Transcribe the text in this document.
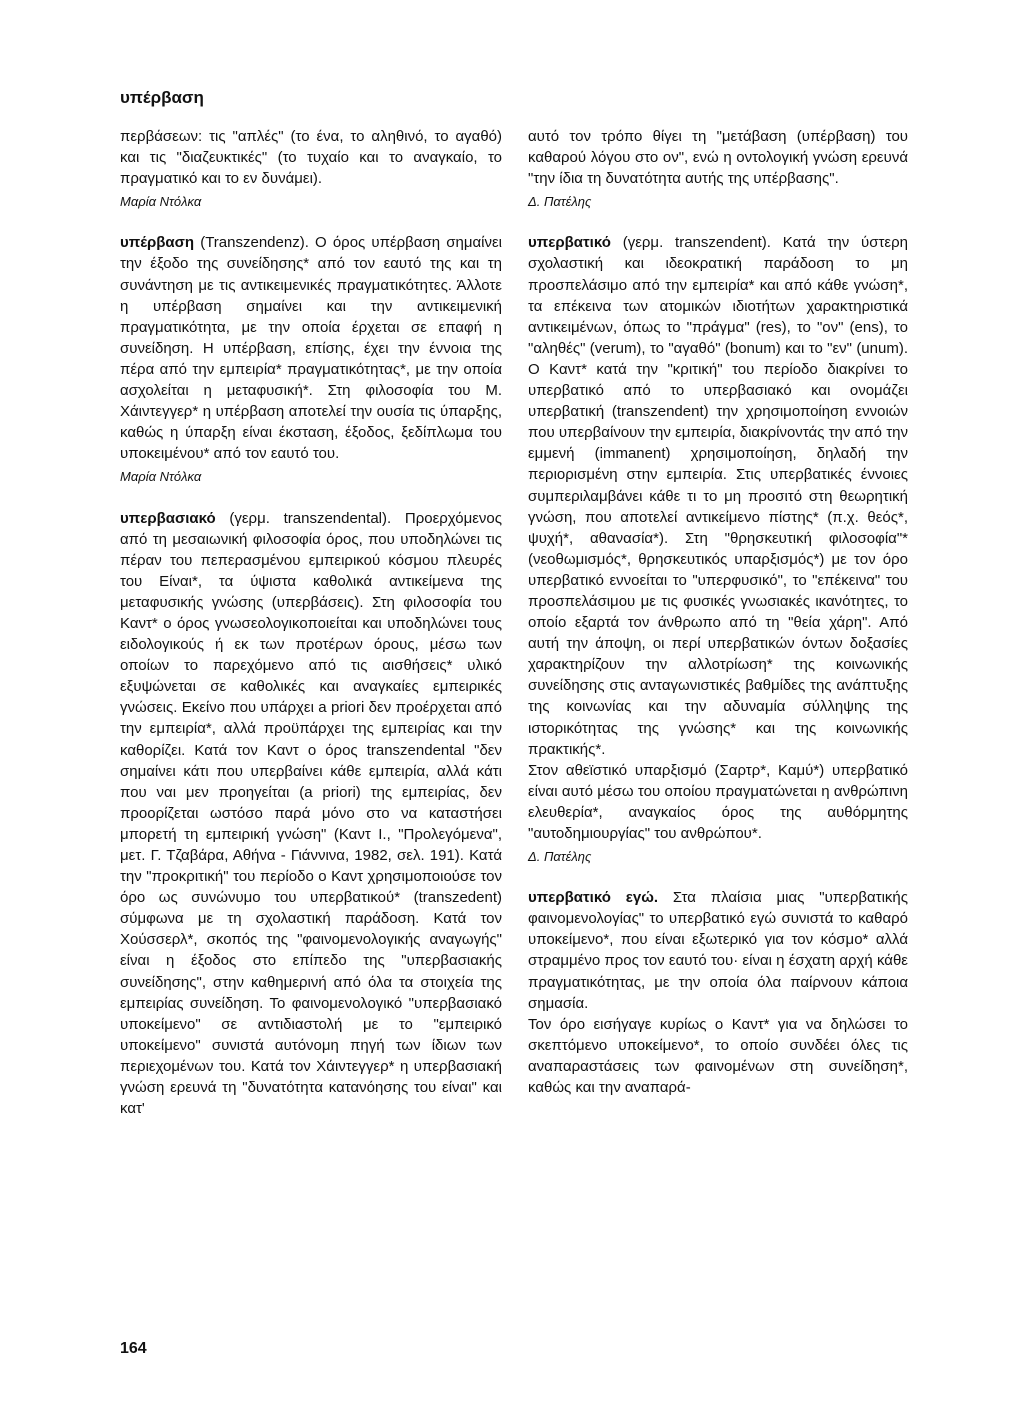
υπέρβαση

περβάσεων: τις "απλές" (το ένα, το αληθινό, το αγαθό) και τις "διαζευκτικές" (το τυχαίο και το αναγκαίο, το πραγματικό και το εν δυνάμει).

Μαρία Ντόλκα

υπέρβαση (Transzendenz). Ο όρος υπέρβαση σημαίνει την έξοδο της συνείδησης* από τον εαυτό της και τη συνάντηση με τις αντικειμενικές πραγματικότητες. Άλλοτε η υπέρβαση σημαίνει και την αντικειμενική πραγματικότητα, με την οποία έρχεται σε επαφή η συνείδηση. Η υπέρβαση, επίσης, έχει την έννοια της πέρα από την εμπειρία* πραγματικότητας*, με την οποία ασχολείται η μεταφυσική*. Στη φιλοσοφία του Μ. Χάιντεγγερ* η υπέρβαση αποτελεί την ουσία τις ύπαρξης, καθώς η ύπαρξη είναι έκσταση, έξοδος, ξεδίπλωμα του υποκειμένου* από τον εαυτό του.

Μαρία Ντόλκα

υπερβασιακό (γερμ. transzendental). Προερχόμενος από τη μεσαιωνική φιλοσοφία όρος, που υποδηλώνει τις πέραν του πεπερασμένου εμπειρικού κόσμου πλευρές του Είναι*, τα ύψιστα καθολικά αντικείμενα της μεταφυσικής γνώσης (υπερβάσεις). Στη φιλοσοφία του Καντ* ο όρος γνωσεολογικοποιείται και υποδηλώνει τους ειδολογικούς ή εκ των προτέρων όρους, μέσω των οποίων το παρεχόμενο από τις αισθήσεις* υλικό εξυψώνεται σε καθολικές και αναγκαίες εμπειρικές γνώσεις. Εκείνο που υπάρχει a priori δεν προέρχεται από την εμπειρία*, αλλά προϋπάρχει της εμπειρίας και την καθορίζει. Κατά τον Καντ ο όρος transzendental "δεν σημαίνει κάτι που υπερβαίνει κάθε εμπειρία, αλλά κάτι που ναι μεν προηγείται (a priori) της εμπειρίας, δεν προορίζεται ωστόσο παρά μόνο στο να καταστήσει μπορετή τη εμπειρική γνώση" (Καντ Ι., "Προλεγόμενα", μετ. Γ. Τζαβάρα, Αθήνα - Γιάννινα, 1982, σελ. 191). Κατά την "προκριτική" του περίοδο ο Καντ χρησιμοποιούσε τον όρο ως συνώνυμο του υπερβατικού* (transzedent) σύμφωνα με τη σχολαστική παράδοση. Κατά τον Χούσσερλ*, σκοπός της "φαινομενολογικής αναγωγής" είναι η έξοδος στο επίπεδο της "υπερβασιακής συνείδησης", στην καθημερινή από όλα τα στοιχεία της εμπειρίας συνείδηση. Το φαινομενολογικό "υπερβασιακό υποκείμενο" σε αντιδιαστολή με το "εμπειρικό υποκείμενο" συνιστά αυτόνομη πηγή των ίδιων των περιεχομένων του. Κατά τον Χάιντεγγερ* η υπερβασιακή γνώση ερευνά τη "δυνατότητα κατανόησης του είναι" και κατ'

αυτό τον τρόπο θίγει τη "μετάβαση (υπέρβαση) του καθαρού λόγου στο ον", ενώ η οντολογική γνώση ερευνά "την ίδια τη δυνατότητα αυτής της υπέρβασης".

Δ. Πατέλης

υπερβατικό (γερμ. transzendent). Κατά την ύστερη σχολαστική και ιδεοκρατική παράδοση το μη προσπελάσιμο από την εμπειρία* και από κάθε γνώση*, τα επέκεινα των ατομικών ιδιοτήτων χαρακτηριστικά αντικειμένων, όπως το "πράγμα" (res), το "ον" (ens), το "αληθές" (verum), το "αγαθό" (bonum) και το "εν" (unum). Ο Καντ* κατά την "κριτική" του περίοδο διακρίνει το υπερβατικό από το υπερβασιακό και ονομάζει υπερβατική (transzendent) την χρησιμοποίηση εννοιών που υπερβαίνουν την εμπειρία, διακρίνοντάς την από την εμμενή (immanent) χρησιμοποίηση, δηλαδή την περιορισμένη στην εμπειρία. Στις υπερβατικές έννοιες συμπεριλαμβάνει κάθε τι το μη προσιτό στη θεωρητική γνώση, που αποτελεί αντικείμενο πίστης* (π.χ. θεός*, ψυχή*, αθανασία*). Στη "θρησκευτική φιλοσοφία"* (νεοθωμισμός*, θρησκευτικός υπαρξισμός*) με τον όρο υπερβατικό εννοείται το "υπερφυσικό", το "επέκεινα" του προσπελάσιμου με τις φυσικές γνωσιακές ικανότητες, το οποίο εξαρτά τον άνθρωπο από τη "θεία χάρη". Από αυτή την άποψη, οι περί υπερβατικών όντων δοξασίες χαρακτηρίζουν την αλλοτρίωση* της κοινωνικής συνείδησης στις ανταγωνιστικές βαθμίδες της ανάπτυξης της κοινωνίας και την αδυναμία σύλληψης της ιστορικότητας της γνώσης* και της κοινωνικής πρακτικής*.

Στον αθεϊστικό υπαρξισμό (Σαρτρ*, Καμύ*) υπερβατικό είναι αυτό μέσω του οποίου πραγματώνεται η ανθρώπινη ελευθερία*, αναγκαίος όρος της αυθόρμητης "αυτοδημιουργίας" του ανθρώπου*.

Δ. Πατέλης

υπερβατικό εγώ. Στα πλαίσια μιας "υπερβατικής φαινομενολογίας" το υπερβατικό εγώ συνιστά το καθαρό υποκείμενο*, που είναι εξωτερικό για τον κόσμο* αλλά στραμμένο προς τον εαυτό του· είναι η έσχατη αρχή κάθε πραγματικότητας, με την οποία όλα παίρνουν κάποια σημασία.

Τον όρο εισήγαγε κυρίως ο Καντ* για να δηλώσει το σκεπτόμενο υποκείμενο*, το οποίο συνδέει όλες τις αναπαραστάσεις των φαινομένων στη συνείδηση*, καθώς και την αναπαρά-

164
